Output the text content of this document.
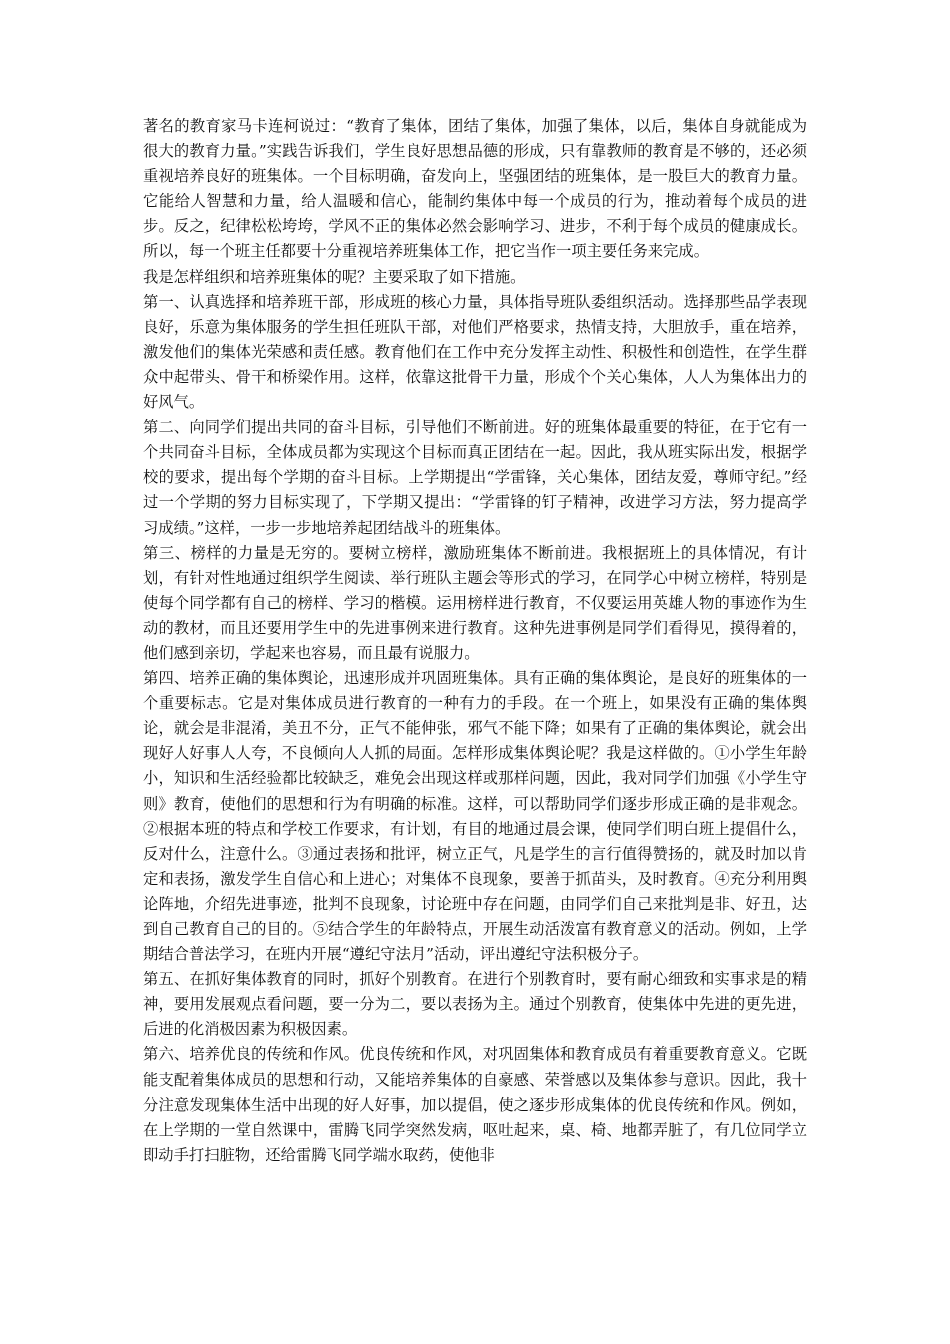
著名的教育家马卡连柯说过：“教育了集体，团结了集体，加强了集体，以后，集体自身就能成为很大的教育力量。”实践告诉我们，学生良好思想品德的形成，只有靠教师的教育是不够的，还必须重视培养良好的班集体。一个目标明确，奋发向上，坚强团结的班集体，是一股巨大的教育力量。它能给人智慧和力量，给人温暖和信心，能制约集体中每一个成员的行为，推动着每个成员的进步。反之，纪律松松垮垮，学风不正的集体必然会影响学习、进步，不利于每个成员的健康成长。所以，每一个班主任都要十分重视培养班集体工作，把它当作一项主要任务来完成。

我是怎样组织和培养班集体的呢？主要采取了如下措施。

第一、认真选择和培养班干部，形成班的核心力量，具体指导班队委组织活动。选择那些品学表现良好，乐意为集体服务的学生担任班队干部，对他们严格要求，热情支持，大胆放手，重在培养，激发他们的集体光荣感和责任感。教育他们在工作中充分发挥主动性、积极性和创造性，在学生群众中起带头、骨干和桥梁作用。这样，依靠这批骨干力量，形成个个关心集体，人人为集体出力的好风气。

第二、向同学们提出共同的奋斗目标，引导他们不断前进。好的班集体最重要的特征，在于它有一个共同奋斗目标，全体成员都为实现这个目标而真正团结在一起。因此，我从班实际出发，根据学校的要求，提出每个学期的奋斗目标。上学期提出“学雷锋，关心集体，团结友爱，尊师守纪。”经过一个学期的努力目标实现了，下学期又提出：“学雷锋的钉子精神，改进学习方法，努力提高学习成绩。”这样，一步一步地培养起团结战斗的班集体。

第三、榜样的力量是无穷的。要树立榜样，激励班集体不断前进。我根据班上的具体情况，有计划，有针对性地通过组织学生阅读、举行班队主题会等形式的学习，在同学心中树立榜样，特别是使每个同学都有自己的榜样、学习的楷模。运用榜样进行教育，不仅要运用英雄人物的事迹作为生动的教材，而且还要用学生中的先进事例来进行教育。这种先进事例是同学们看得见，摸得着的，他们感到亲切，学起来也容易，而且最有说服力。

第四、培养正确的集体舆论，迅速形成并巩固班集体。具有正确的集体舆论，是良好的班集体的一个重要标志。它是对集体成员进行教育的一种有力的手段。在一个班上，如果没有正确的集体舆论，就会是非混淆，美丑不分，正气不能伸张，邪气不能下降；如果有了正确的集体舆论，就会出现好人好事人人夸，不良倾向人人抓的局面。怎样形成集体舆论呢？我是这样做的。①小学生年龄小，知识和生活经验都比较缺乏，难免会出现这样或那样问题，因此，我对同学们加强《小学生守则》教育，使他们的思想和行为有明确的标准。这样，可以帮助同学们逐步形成正确的是非观念。②根据本班的特点和学校工作要求，有计划，有目的地通过晨会课，使同学们明白班上提倡什么，反对什么，注意什么。③通过表扬和批评，树立正气，凡是学生的言行值得赞扬的，就及时加以肯定和表扬，激发学生自信心和上进心；对集体不良现象，要善于抓苗头，及时教育。④充分利用舆论阵地，介绍先进事迹，批判不良现象，讨论班中存在问题，由同学们自己来批判是非、好丑，达到自己教育自己的目的。⑤结合学生的年龄特点，开展生动活泼富有教育意义的活动。例如，上学期结合普法学习，在班内开展“遵纪守法月”活动，评出遵纪守法积极分子。

第五、在抓好集体教育的同时，抓好个别教育。在进行个别教育时，要有耐心细致和实事求是的精神，要用发展观点看问题，要一分为二，要以表扬为主。通过个别教育，使集体中先进的更先进，后进的化消极因素为积极因素。

第六、培养优良的传统和作风。优良传统和作风，对巩固集体和教育成员有着重要教育意义。它既能支配着集体成员的思想和行动，又能培养集体的自豪感、荣誉感以及集体参与意识。因此，我十分注意发现集体生活中出现的好人好事，加以提倡，使之逐步形成集体的优良传统和作风。例如，在上学期的一堂自然课中，雷腾飞同学突然发病，呕吐起来，桌、椅、地都弄脏了，有几位同学立即动手打扫脏物，还给雷腾飞同学端水取药，使他非
